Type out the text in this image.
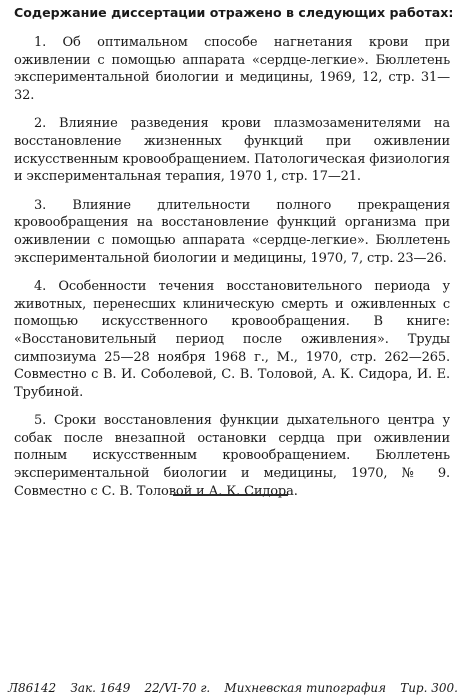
Содержание диссертации отражено в следующих работах:

1. Об оптимальном способе нагнетания крови при оживлении с помощью аппарата «сердце-легкие». Бюллетень экспериментальной биологии и медицины, 1969, 12, стр. 31—32.

2. Влияние разведения крови плазмозаменителями на восстановление жизненных функций при оживлении искусственным кровообращением. Патологическая физиология и экспериментальная терапия, 1970 1, стр. 17—21.

3. Влияние длительности полного прекращения кровообращения на восстановление функций организма при оживлении с помощью аппарата «сердце-легкие». Бюллетень экспериментальной биологии и медицины, 1970, 7, стр. 23—26.

4. Особенности течения восстановительного периода у животных, перенесших клиническую смерть и оживленных с помощью искусственного кровообращения. В книге: «Восстановительный период после оживления». Труды симпозиума 25—28 ноября 1968 г., М., 1970, стр. 262—265. Совместно с В. И. Соболевой, С. В. Толовой, А. К. Сидора, И. Е. Трубиной.

5. Сроки восстановления функции дыхательного центра у собак после внезапной остановки сердца при оживлении полным искусственным кровообращением. Бюллетень экспериментальной биологии и медицины, 1970, № 9. Совместно с С. В. Толовой и А. К. Сидора.

Л86142 Зак. 1649 22/VI-70 г. Михневская типография Тир. 300.
